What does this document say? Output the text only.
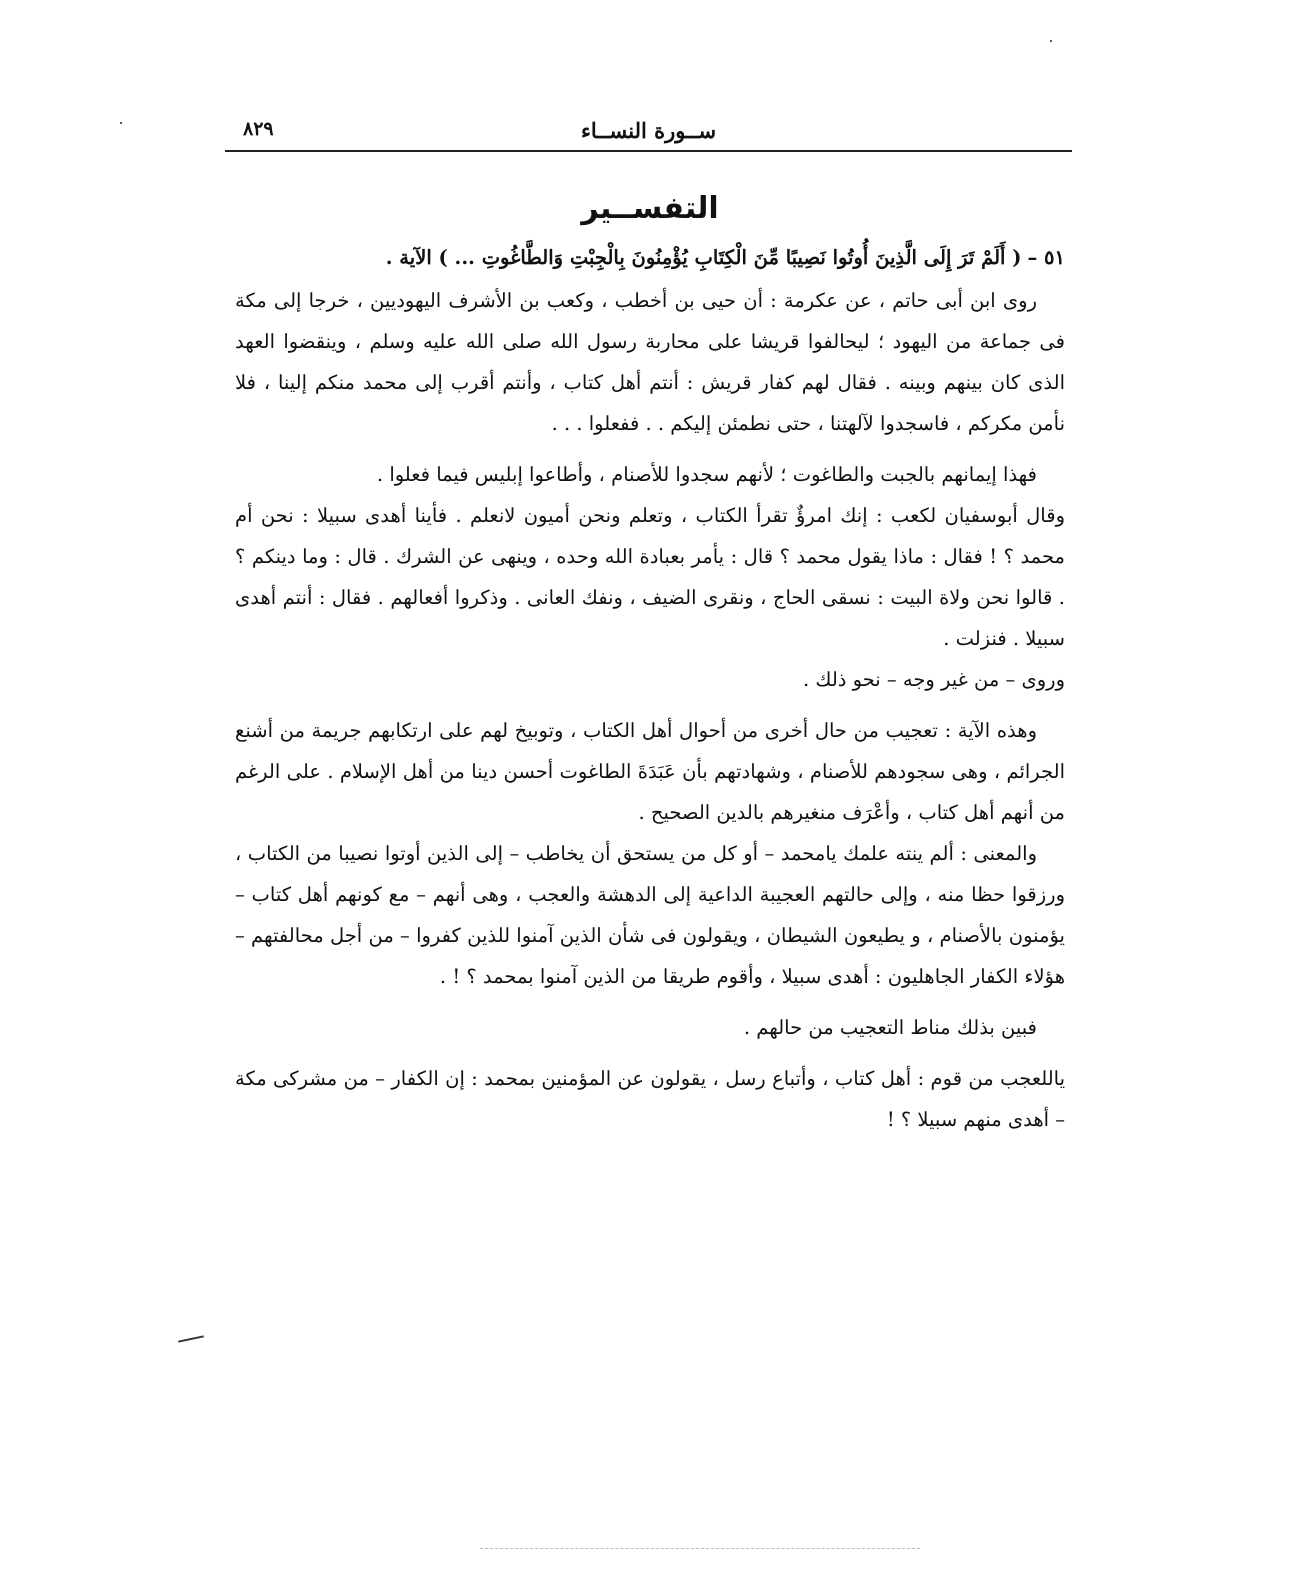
ســورة النســاء
٨٢٩
التفســير
٥١ –( أَلَمْ تَرَ إِلَى الَّذِينَ أُوتُوا نَصِيبًا مِّنَ الْكِتَابِ يُؤْمِنُونَ بِالْجِبْتِ وَالطَّاغُوتِ ... ) الآية .

روى ابن أبى حاتم ، عن عكرمة : أن حيى بن أخطب ، وكعب بن الأشرف اليهوديين ، خرجا إلى مكة فى جماعة من اليهود ؛ ليحالفوا قريشا على محاربة رسول الله صلى الله عليه وسلم ، وينقضوا العهد الذى كان بينهم وبينه . فقال لهم كفار قريش : أنتم أهل كتاب ، وأنتم أقرب إلى محمد منكم إلينا ، فلا نأمن مكركم ، فاسجدوا لآلهتنا ، حتى نطمئن إليكم . . ففعلوا . . .

فهذا إيمانهم بالجبت والطاغوت ؛ لأنهم سجدوا للأصنام ، وأطاعوا إبليس فيما فعلوا .

وقال أبوسفيان لكعب : إنك امرؤٌ تقرأ الكتاب ، وتعلم ونحن أميون لانعلم . فأينا أهدى سبيلا : نحن أم محمد ؟ ! فقال : ماذا يقول محمد ؟ قال : يأمر بعبادة الله وحده ، وينهى عن الشرك . قال : وما دينكم ؟ . قالوا نحن ولاة البيت : نسقى الحاج ، ونقرى الضيف ، ونفك العانى . وذكروا أفعالهم . فقال : أنتم أهدى سبيلا . فنزلت .

وروى – من غير وجه – نحو ذلك .

وهذه الآية : تعجيب من حال أخرى من أحوال أهل الكتاب ، وتوبيخ لهم على ارتكابهم جريمة من أشنع الجرائم ، وهى سجودهم للأصنام ، وشهادتهم بأن عَبَدَةَ الطاغوت أحسن دينا من أهل الإسلام . على الرغم من أنهم أهل كتاب ، وأعْرَف منغيرهم بالدين الصحيح .

والمعنى : ألم ينته علمك يامحمد – أو كل من يستحق أن يخاطب – إلى الذين أوتوا نصيبا من الكتاب ، ورزقوا حظا منه ، وإلى حالتهم العجيبة الداعية إلى الدهشة والعجب ، وهى أنهم – مع كونهم أهل كتاب – يؤمنون بالأصنام ، و يطيعون الشيطان ، ويقولون فى شأن الذين آمنوا للذين كفروا – من أجل محالفتهم – هؤلاء الكفار الجاهليون : أهدى سبيلا ، وأقوم طريقا من الذين آمنوا بمحمد ؟ ! .

فبين بذلك مناط التعجيب من حالهم .

ياللعجب من قوم : أهل كتاب ، وأتباع رسل ، يقولون عن المؤمنين بمحمد : إن الكفار – من مشركى مكة – أهدى منهم سبيلا ؟ !
